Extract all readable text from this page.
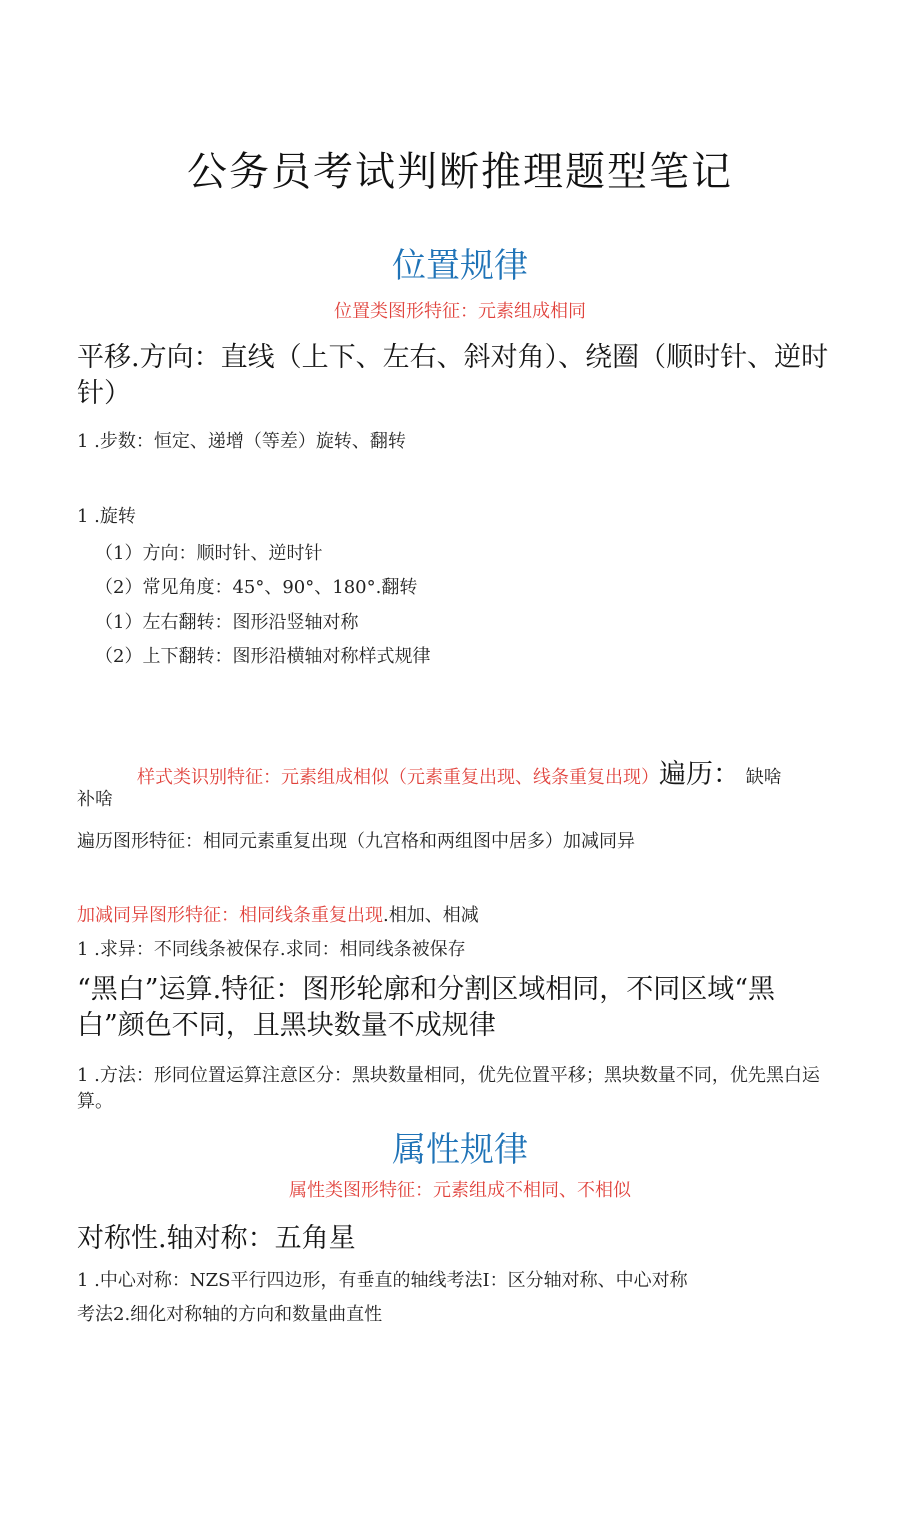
公务员考试判断推理题型笔记
位置规律
位置类图形特征：元素组成相同
平移.方向：直线（上下、左右、斜对角）、绕圈（顺时针、逆时针）
1 .步数：恒定、递增（等差）旋转、翻转
1 .旋转
（1）方向：顺时针、逆时针
（2）常见角度：45°、90°、180°.翻转
（1）左右翻转：图形沿竖轴对称
（2）上下翻转：图形沿横轴对称样式规律
样式类识别特征：元素组成相似（元素重复出现、线条重复出现）遍历： 缺啥
补啥
遍历图形特征：相同元素重复出现（九宫格和两组图中居多）加减同异
加减同异图形特征：相同线条重复出现.相加、相减
1 .求异：不同线条被保存.求同：相同线条被保存
“黑白”运算.特征：图形轮廓和分割区域相同，不同区域“黑白”颜色不同，且黑块数量不成规律
1 .方法：形同位置运算注意区分：黑块数量相同，优先位置平移；黑块数量不同，优先黑白运算。
属性规律
属性类图形特征：元素组成不相同、不相似
对称性.轴对称：五角星
1 .中心对称：NZS平行四边形，有垂直的轴线考法I：区分轴对称、中心对称
考法2.细化对称轴的方向和数量曲直性
